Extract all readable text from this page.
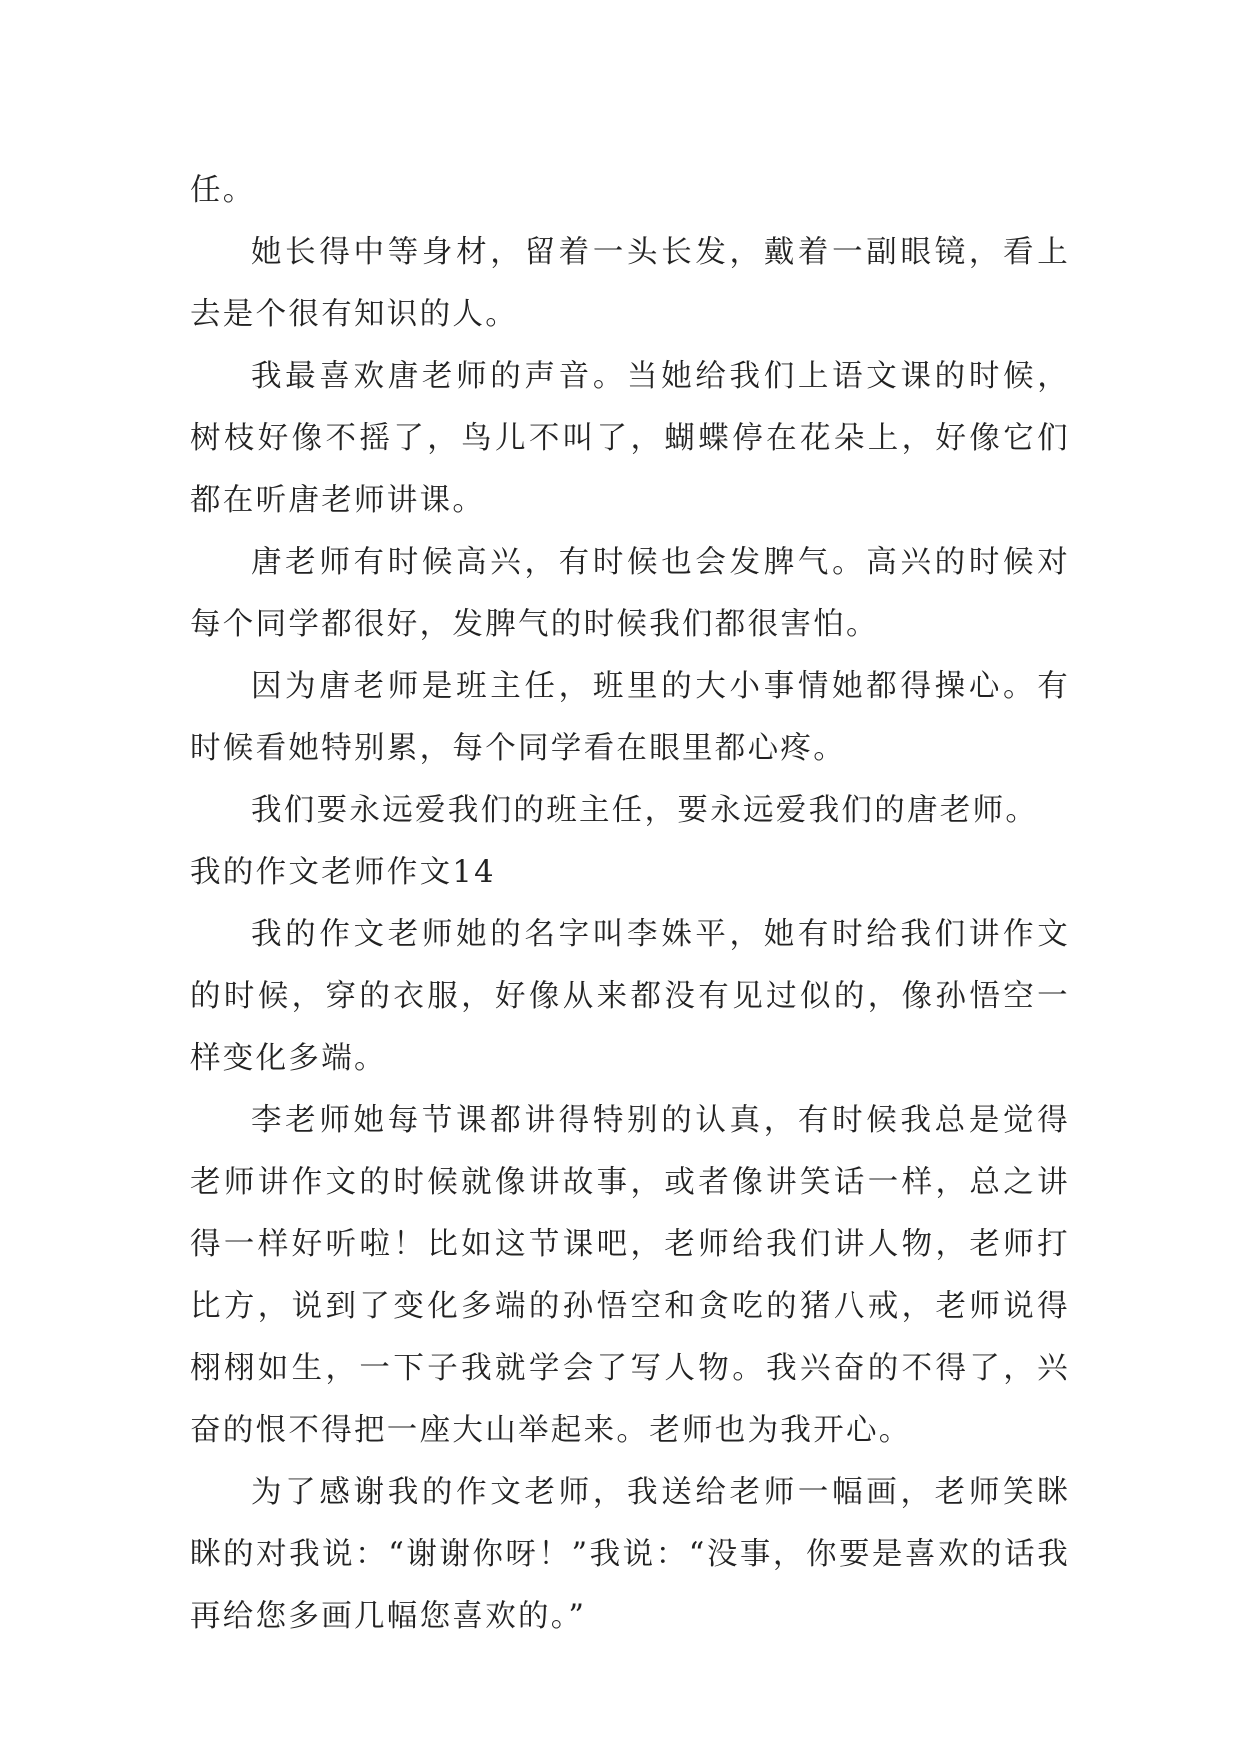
任。

她长得中等身材，留着一头长发，戴着一副眼镜，看上去是个很有知识的人。

我最喜欢唐老师的声音。当她给我们上语文课的时候，树枝好像不摇了，鸟儿不叫了，蝴蝶停在花朵上，好像它们都在听唐老师讲课。

唐老师有时候高兴，有时候也会发脾气。高兴的时候对每个同学都很好，发脾气的时候我们都很害怕。

因为唐老师是班主任，班里的大小事情她都得操心。有时候看她特别累，每个同学看在眼里都心疼。

我们要永远爱我们的班主任，要永远爱我们的唐老师。

我的作文老师作文14

我的作文老师她的名字叫李姝平，她有时给我们讲作文的时候，穿的衣服，好像从来都没有见过似的，像孙悟空一样变化多端。

李老师她每节课都讲得特别的认真，有时候我总是觉得老师讲作文的时候就像讲故事，或者像讲笑话一样，总之讲得一样好听啦！比如这节课吧，老师给我们讲人物，老师打比方，说到了变化多端的孙悟空和贪吃的猪八戒，老师说得栩栩如生，一下子我就学会了写人物。我兴奋的不得了，兴奋的恨不得把一座大山举起来。老师也为我开心。

为了感谢我的作文老师，我送给老师一幅画，老师笑眯眯的对我说：“谢谢你呀！”我说：“没事，你要是喜欢的话我再给您多画几幅您喜欢的。”
